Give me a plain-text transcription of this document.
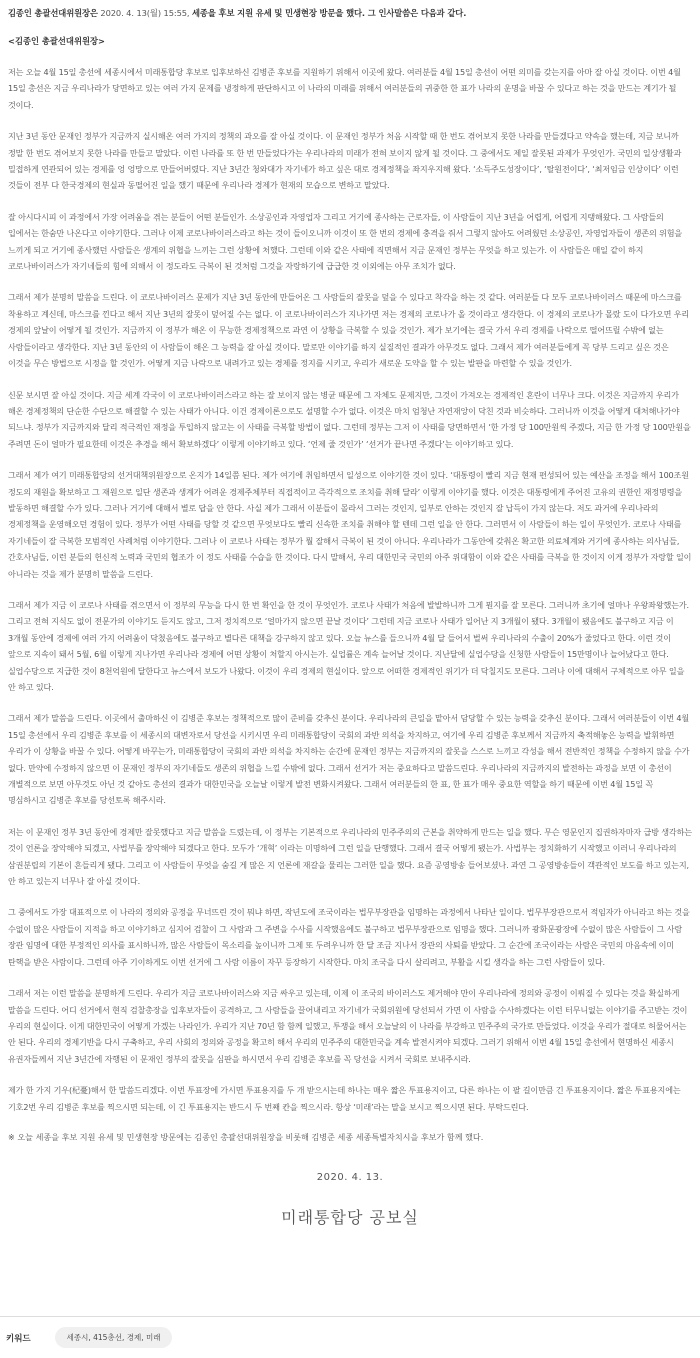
김종인 총괄선대위원장은 2020. 4. 13(월) 15:55, 세종을 후보 지원 유세 및 민생현장 방문을 했다. 그 인사말씀은 다음과 같다.

<김종인 총괄선대위원장>

저는 오늘 4월 15일 총선에 세종시에서 미래통합당 후보로 입후보하신 김병준 후보를 지원하기 위해서 이곳에 왔다. 여러분들 4월 15일 총선이 어떤 의미를 갖는지를 아마 잘 아실 것이다. 이번 4월 15일 총선은 지금 우리나라가 당면하고 있는 여러 가지 문제를 냉정하게 판단하시고 이 나라의 미래를 위해서 여러분들의 귀중한 한 표가 나라의 운명을 바꿀 수 있다고 하는 것을 만드는 계기가 될 것이다.

지난 3년 동안 문재인 정부가 지금까지 실시해온 여러 가지의 정책의 과오를 잘 아실 것이다. 이 문재인 정부가 처음 시작할 때 한 번도 겪어보지 못한 나라를 만들겠다고 약속을 했는데, 지금 보니까 정말 한 번도 겪어보지 못한 나라를 만들고 말았다. 이런 나라를 또 한 번 만들었다가는 우리나라의 미래가 전혀 보이지 않게 될 것이다. 그 중에서도 제일 잘못된 과제가 무엇인가. 국민의 일상생활과 밀접하게 연관되어 있는 경제를 엉 엉망으로 만들어버렸다. 지난 3년간 청와대가 자기네가 하고 싶은 대로 경제정책을 좌지우지해 왔다. ‘소득주도성장이다’, ‘탈원전이다’, ‘최저임금 인상이다’ 이런 것들이 전부 다 한국경제의 현실과 동떨어진 일을 했기 때문에 우리나라 경제가 현재의 모습으로 변하고 말았다.

잘 아시다시피 이 과정에서 가장 어려움을 겪는 분들이 어떤 분들인가. 소상공인과 자영업자 그리고 거기에 종사하는 근로자들, 이 사람들이 지난 3년을 어렵게, 어렵게 지탱해왔다. 그 사람들의 입에서는 한숨만 나온다고 이야기한다. 그러나 이제 코로나바이러스라고 하는 것이 들이오니까 이것이 또 한 번의 경제에 충격을 줘서 그렇지 않아도 어려웠던 소상공인, 자영업자들이 생존의 위험을 느끼게 되고 거기에 종사했던 사람들은 생계의 위협을 느끼는 그런 상황에 처했다. 그런데 이와 같은 사태에 직면해서 지금 문재인 정부는 무엇을 하고 있는가. 이 사람들은 매일 같이 하지 코로나바이러스가 자기네들의 힘에 의해서 이 정도라도 극복이 된 것처럼 그것을 자랑하기에 급급한 것 이외에는 아무 조치가 없다.

그래서 제가 분명히 말씀을 드린다. 이 코로나바이러스 문제가 지난 3년 동안에 만들어온 그 사람들의 잘못을 덮을 수 있다고 착각을 하는 것 같다. 여러분들 다 모두 코로나바이러스 때문에 마스크를 착용하고 계신데, 마스크를 낀다고 해서 지난 3년의 잘못이 덮어질 수는 없다. 이 코로나바이러스가 지나가면 저는 경제의 코로나가 올 것이라고 생각한다. 이 경제의 코로나가 몰랐 도이 다가오면 우리 경제의 앞날이 어떻게 될 것인가. 지금까지 이 정부가 해온 이 무능한 경제정책으로 과연 이 상황을 극복할 수 있을 것인가. 제가 보기에는 결국 가서 우리 경제를 나락으로 떨어뜨릴 수밖에 없는 사람들이라고 생각한다. 지난 3년 동안의 이 사람들이 해온 그 능력을 잘 아실 것이다. 말로만 이야기를 하지 실질적인 결과가 아무것도 없다. 그래서 제가 여러분들에게 꼭 당부 드리고 싶은 것은 이것을 무슨 방법으로 시정을 할 것인가. 어떻게 지금 나락으로 내려가고 있는 경제를 정지를 시키고, 우리가 새로운 도약을 할 수 있는 발판을 마련할 수 있을 것인가.

신문 보시면 잘 아실 것이다. 지금 세계 각국이 이 코로나바이러스라고 하는 잘 보이지 않는 병균 때문에 그 자체도 문제지만, 그것이 가져오는 경제적인 혼란이 너무나 크다. 이것은 지금까지 우리가 해온 경제정책의 단순한 수단으로 해결할 수 있는 사태가 아니다. 이건 경제이론으로도 설명할 수가 없다. 이것은 마치 엄청난 자연재앙이 닥친 것과 비슷하다. 그러니까 이것을 어떻게 대처해나가야 되느냐. 정부가 지금까지와 달리 적극적인 재정을 투입하지 않고는 이 사태를 극복할 방법이 없다. 그런데 정부는 그저 이 사태를 당면하면서 ‘한 가정 당 100만원씩 주겠다, 지금 한 가정 당 100만원을 주려면 돈이 얼마가 필요한데 이것은 추경을 해서 확보하겠다’ 이렇게 이야기하고 있다. ‘언제 줄 것인가’ ‘선거가 끝나면 주겠다’는 이야기하고 있다.

그래서 제가 여기 미래통합당의 선거대책위원장으로 온지가 14일쯤 된다. 제가 여기에 취임하면서 일성으로 이야기한 것이 있다. ‘대통령이 빨리 지금 현재 편성되어 있는 예산을 조정을 해서 100조원 정도의 재원을 확보하고 그 재원으로 일단 생존과 생계가 어려운 경제주체부터 직접적이고 즉각적으로 조치를 취해 달라’ 이렇게 이야기를 했다. 이것은 대통령에게 주어진 고유의 권한인 재정명령을 발동하면 해결할 수가 있다. 그러나 거기에 대해서 별로 답을 안 한다. 사실 제가 그래서 이분들이 몰라서 그러는 것인지, 일부로 안하는 것인지 잘 납득이 가지 않는다. 저도 과거에 우리나라의 경제정책을 운영해오던 경험이 있다. 정부가 어떤 사태를 당할 것 같으면 무엇보다도 빨리 신속한 조치를 취해야 할 텐데 그런 일을 안 한다. 그러면서 이 사람들이 하는 일이 무엇인가. 코로나 사태를 자기네들이 잘 극복한 모범적인 사례처럼 이야기한다. 그러나 이 코로나 사태는 정부가 뭘 잘해서 극복이 된 것이 아니다. 우리나라가 그동안에 갖춰온 확고한 의료체계와 거기에 종사하는 의사님들, 간호사님들, 이런 분들의 헌신적 노력과 국민의 협조가 이 정도 사태를 수습을 한 것이다. 다시 말해서, 우리 대한민국 국민의 아주 위대함이 이와 같은 사태를 극복을 한 것이지 이게 정부가 자랑할 일이 아니라는 것을 제가 분명히 말씀을 드린다.

그래서 제가 지금 이 코로나 사태를 겪으면서 이 정부의 무능을 다시 한 번 확인을 한 것이 무엇인가. 코로나 사태가 처음에 발발하니까 그게 뭔지를 잘 모른다. 그러니까 초기에 얼마나 우왕좌왕했는가. 그리고 전혀 지식도 없이 전문가의 이야기도 듣지도 않고, 그저 정치적으로 ‘얼마가지 않으면 끝날 것이다’ 그런데 지금 코로나 사태가 일어난 지 3개월이 됐다. 3개월이 됐음에도 불구하고 지금 이 3개월 동안에 경제에 여러 가지 어려움이 닥쳤음에도 불구하고 별다른 대책을 강구하지 않고 있다. 오늘 뉴스를 들으니까 4월 달 들어서 벌써 우리나라의 수출이 20%가 줄었다고 한다. 이런 것이 앞으로 지속이 돼서 5월, 6월 이렇게 지나가면 우리나라 경제에 어떤 상황이 처할지 아시는가. 실업률은 계속 늘어날 것이다. 지난달에 실업수당을 신청한 사람들이 15만명이나 늘어났다고 한다. 실업수당으로 지급한 것이 8천억원에 달한다고 뉴스에서 보도가 나왔다. 이것이 우리 경제의 현실이다. 앞으로 어떠한 경제적인 위기가 더 닥칠지도 모른다. 그러나 이에 대해서 구체적으로 아무 일을 안 하고 있다.

그래서 제가 말씀을 드린다. 이곳에서 출마하신 이 김병준 후보는 정책적으로 많이 준비를 갖추신 분이다. 우리나라의 큰일을 맡아서 담당할 수 있는 능력을 갖추신 분이다. 그래서 여러분들이 이번 4월 15일 총선에서 우리 김병준 후보를 이 세종시의 대변자로서 당선을 시키시면 우리 미래통합당이 국회의 과반 의석을 차지하고, 여기에 우리 김병준 후보께서 지금까지 축적해놓은 능력을 발휘하면 우리가 이 상황을 바꿀 수 있다. 어떻게 바꾸는가, 미래통합당이 국회의 과반 의석을 차지하는 순간에 문재인 정부는 지금까지의 잘못을 스스로 느끼고 각성을 해서 전반적인 정책을 수정하지 않을 수가 없다. 만약에 수정하지 않으면 이 문재인 정부의 자기네들도 생존의 위협을 느낄 수밖에 없다. 그래서 선거가 저는 중요하다고 말씀드린다. 우리나라의 지금까지의 발전하는 과정을 보면 이 총선이 개별적으로 보면 아무것도 아닌 것 같아도 총선의 결과가 대한민국을 오늘날 이렇게 발전 변화시켜왔다. 그래서 여러분들의 한 표, 한 표가 매우 중요한 역할을 하기 때문에 이번 4월 15일 꼭 명심하시고 김병준 후보를 당선토록 해주시라.

저는 이 문재인 정부 3년 동안에 경제만 잘못했다고 지금 말씀을 드렸는데, 이 정부는 기본적으로 우리나라의 민주주의의 근본을 취약하게 만드는 일을 했다. 무슨 영문인지 집권하자마자 급방 생각하는 것이 언론을 장악해야 되겠고, 사법부를 장악해야 되겠다고 한다. 모두가 ‘개혁’ 이라는 미명하에 그런 일을 단행했다. 그래서 결국 어떻게 됐는가. 사법부는 정치화하기 시작했고 이러니 우리나라의 삼권분립의 기본이 흔들리게 됐다. 그리고 이 사람들이 무엇을 숨길 게 많은 지 언론에 재갈을 물리는 그러한 일을 했다. 요즘 공영방송 들어보셨나. 과연 그 공영방송들이 객관적인 보도를 하고 있는지, 안 하고 있는지 너무나 잘 아실 것이다.

그 중에서도 가장 대표적으로 이 나라의 정의와 공정을 무너뜨린 것이 뭐냐 하면, 작년도에 조국이라는 법무부장관을 임명하는 과정에서 나타난 일이다. 법무부장관으로서 적임자가 아니라고 하는 것을 수없이 많은 사람들이 지적을 하고 이야기하고 심지어 검찰이 그 사람과 그 주변을 수사를 시작했음에도 불구하고 법무부장관으로 임명을 했다. 그러니까 광화문광장에 수없이 많은 사람들이 그 사람 장관 임명에 대한 부정적인 의사를 표시하니까, 많은 사람들이 목소리를 높이니까 그제 또 두려우니까 한 달 조금 지나서 장관의 사퇴를 받았다. 그 순간에 조국이라는 사람은 국민의 마음속에 이미 탄핵을 받은 사람이다. 그런데 아주 기이하게도 이번 선거에 그 사람 이름이 자꾸 등장하기 시작한다. 마치 조국을 다시 살리려고, 부활을 시킬 생각을 하는 그런 사람들이 있다.

그래서 저는 이런 말씀을 분명하게 드린다. 우리가 지금 코로나바이러스와 지금 싸우고 있는데, 이제 이 조국의 바이러스도 제거해야 만이 우리나라에 정의와 공정이 이뤄질 수 있다는 것을 확실하게 말씀을 드린다. 어디 선거에서 현직 검찰총장을 입후보자들이 공격하고, 그 사람들을 끌어내리고 자기네가 국회위원에 당선되서 가면 이 사람을 수사하겠다는 이런 터무니없는 이야기를 주고받는 것이 우리의 현실이다. 이게 대한민국이 어떻게 가겠는 나라인가. 우리가 지난 70년 함 함께 일했고, 투쟁을 해서 오늘날의 이 나라를 부강하고 민주주의 국가로 만들었다. 이것을 우리가 절대로 허물어서는 안 된다. 우리의 경제기반을 다시 구축하고, 우리 사회의 정의와 공정을 확고히 해서 우리의 민주주의 대한민국을 계속 발전시켜야 되겠다. 그러기 위해서 이번 4월 15일 총선에서 현명하신 세종시 유권자들께서 지난 3년간에 자행된 이 문재인 정부의 잘못을 심판을 하시면서 우리 김병준 후보를 꼭 당선을 시켜서 국회로 보내주시라.

제가 한 가지 기우(杞憂)해서 한 말씀드리겠다. 이번 투표장에 가시면 투표용지를 두 개 받으시는데 하나는 매우 짧은 투표용지이고, 다른 하나는 이 팔 길이만큼 긴 투표용지이다. 짧은 투표용지에는 기호2번 우리 김병준 후보를 찍으시면 되는데, 이 긴 투표용지는 반드시 두 번째 칸을 찍으시라. 항상 ‘미래’라는 말을 보시고 찍으시면 된다. 부탁드린다.

※ 오늘 세종을 후보 지원 유세 및 민생현장 방문에는 김종인 총괄선대위원장을 비롯해 김병준 세종 세종특별자치시을 후보가 함께 했다.

2020. 4. 13.
미래통합당 공보실
키워드	세종시, 415총선, 경제, 미래
